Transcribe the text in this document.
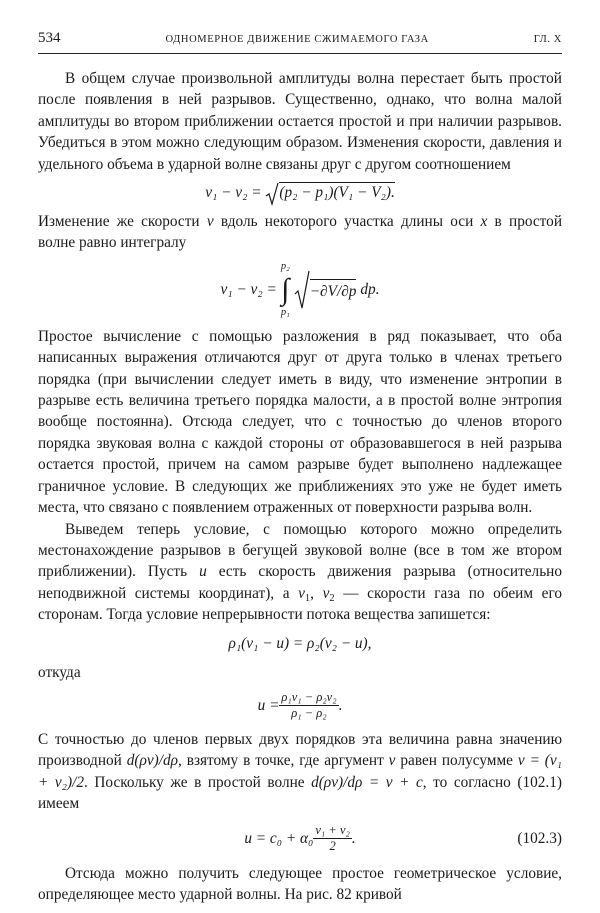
534	ОДНОМЕРНОЕ ДВИЖЕНИЕ СЖИМАЕМОГО ГАЗА	ГЛ. X

В общем случае произвольной амплитуды волна перестает быть простой после появления в ней разрывов. Существенно, однако, что волна малой амплитуды во втором приближении остается простой и при наличии разрывов. Убедиться в этом можно следующим образом. Изменения скорости, давления и удельного объема в ударной волне связаны друг с другом соотношением

v₁ − v₂ = (p₂ − p₁)(V₁ − V₂).

Изменение же скорости v вдоль некоторого участка длины оси x в простой волне равно интегралу

v₁ − v₂ =
p₂
∫
p₁
−∂V/∂p dp.

Простое вычисление с помощью разложения в ряд показывает, что оба написанных выражения отличаются друг от друга только в членах третьего порядка (при вычислении следует иметь в виду, что изменение энтропии в разрыве есть величина третьего порядка малости, а в простой волне энтропия вообще постоянна). Отсюда следует, что с точностью до членов второго порядка звуковая волна с каждой стороны от образовавшегося в ней разрыва остается простой, причем на самом разрыве будет выполнено надлежащее граничное условие. В следующих же приближениях это уже не будет иметь места, что связано с появлением отраженных от поверхности разрыва волн.

Выведем теперь условие, с помощью которого можно определить местонахождение разрывов в бегущей звуковой волне (все в том же втором приближении). Пусть u есть скорость движения разрыва (относительно неподвижной системы координат), а $v_1$, $v_2$ — скорости газа по обеим его сторонам. Тогда условие непрерывности потока вещества запишется:

ρ₁(v₁ − u) = ρ₂(v₂ − u),

откуда

$u = \frac{\text{ρ₁v₁ − ρ₂v₂}}{\text{ρ₁ − ρ₂}}$ .

С точностью до членов первых двух порядков эта величина равна значению производной d(ρv)/dρ, взятому в точке, где аргумент v равен полусумме v = (v₁ + v₂)/2. Поскольку же в простой волне d(ρv)/dρ = v + c, то согласно (102.1) имеем

$u = c_0 + \alpha_0 \frac{\text{v₁ + v₂}}{2}$ .	(102.3)

Отсюда можно получить следующее простое геометрическое условие, определяющее место ударной волны. На рис. 82 кривой
